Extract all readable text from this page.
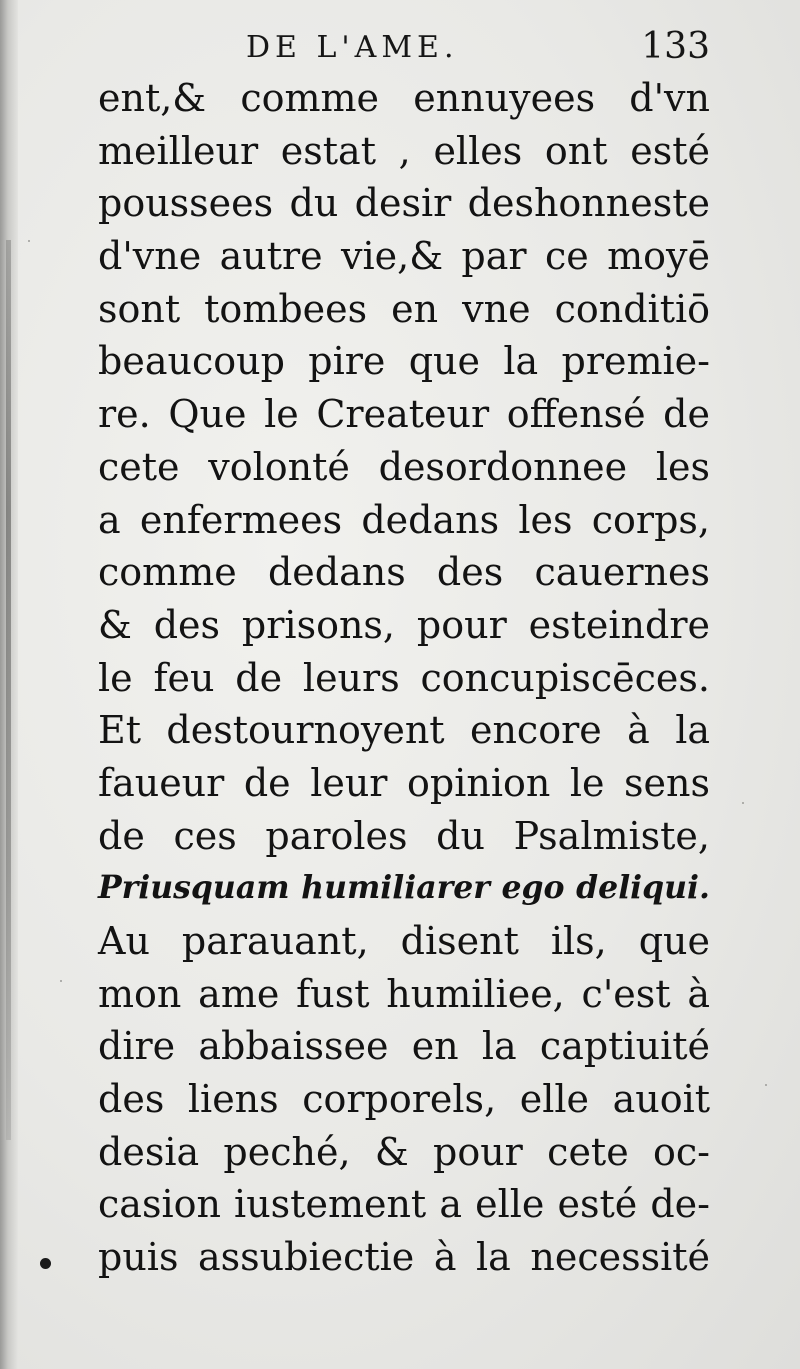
DE L'AME.	133
ent,& comme ennuyees d'vn
meilleur estat , elles ont esté
poussees du desir deshonneste
d'vne autre vie,& par ce moyē
sont tombees en vne conditiō
beaucoup pire que la premie-
re. Que le Createur offensé de
cete volonté desordonnee les
a enfermees dedans les corps,
comme dedans des cauernes
& des prisons, pour esteindre
le feu de leurs concupiscēces.
Et destournoyent encore à la
faueur de leur opinion le sens
de ces paroles du Psalmiste,
Priusquam humiliarer ego deliqui.
Au parauant, disent ils, que
mon ame fust humiliee, c'est à
dire abbaissee en la captiuité
des liens corporels, elle auoit
desia peché, & pour cete oc-
casion iustement a elle esté de-
puis assubiectie à la necessité
